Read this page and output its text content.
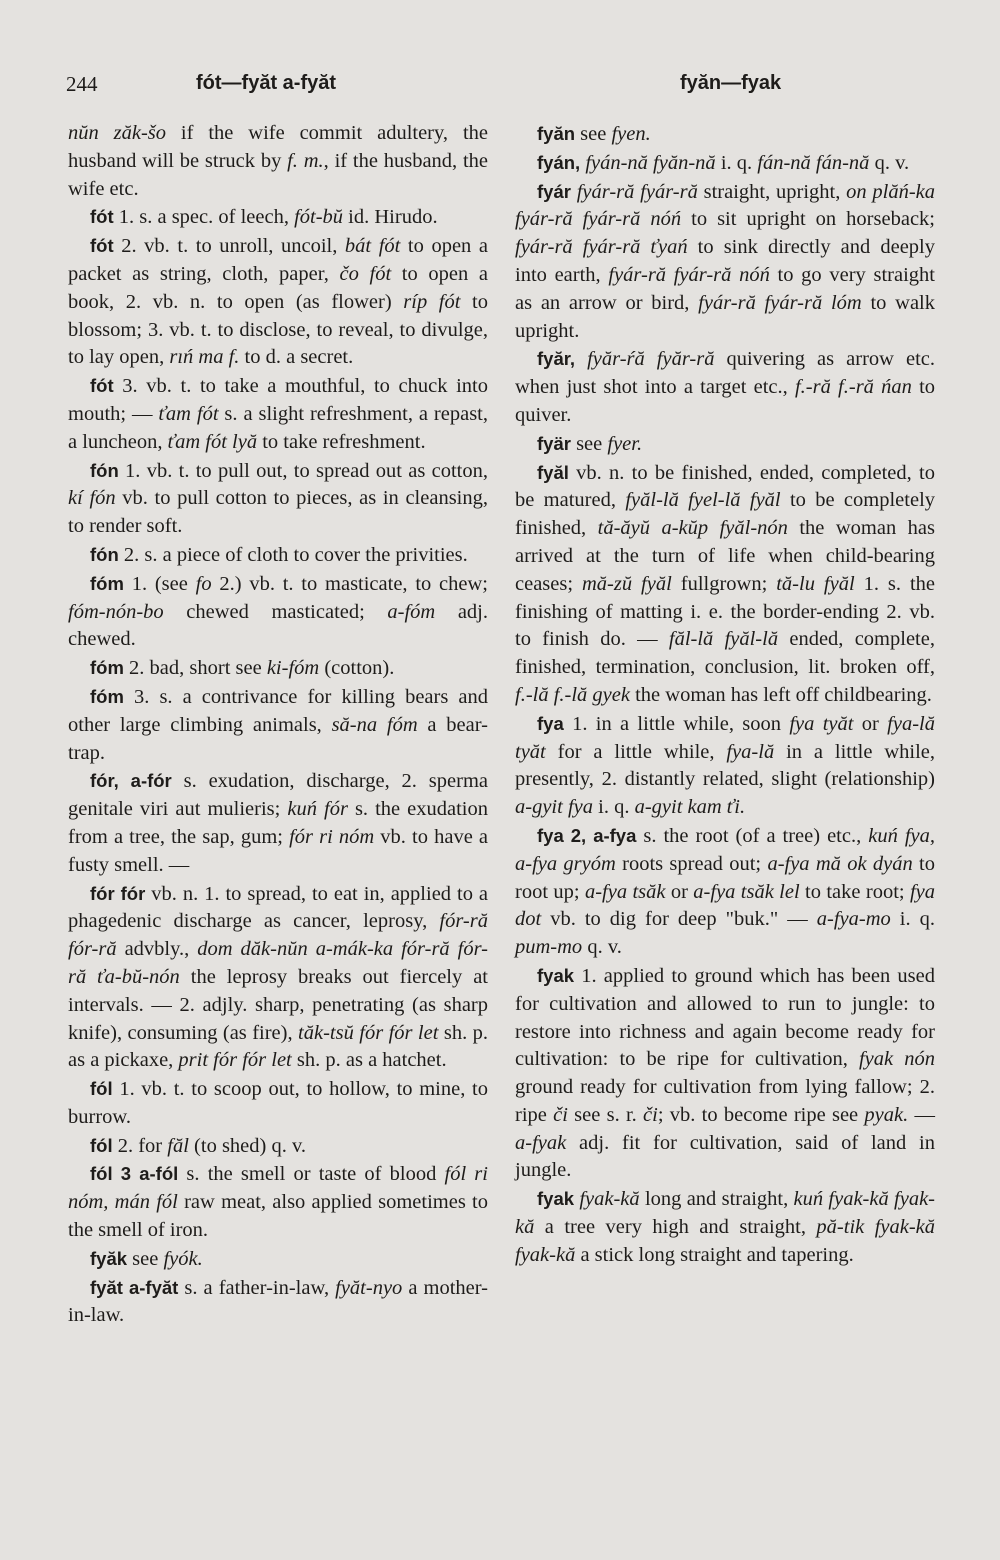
244	fót—fyăt a-fyăt	fyăn—fyak

nŭn zăk-šo if the wife commit adultery, the husband will be struck by f. m., if the husband, the wife etc.

fót 1. s. a spec. of leech, fót-bŭ id. Hirudo.

fót 2. vb. t. to unroll, uncoil, bát fót to open a packet as string, cloth, paper, čo fót to open a book, 2. vb. n. to open (as flower) ríp fót to blossom; 3. vb. t. to disclose, to reveal, to divulge, to lay open, rıń ma f. to d. a secret.

fót 3. vb. t. to take a mouthful, to chuck into mouth; — ťam fót s. a slight refreshment, a repast, a luncheon, ťam fót lyă to take refreshment.

fón 1. vb. t. to pull out, to spread out as cotton, kí fón vb. to pull cotton to pieces, as in cleansing, to render soft.

fón 2. s. a piece of cloth to cover the privities.

fóm 1. (see fo 2.) vb. t. to masticate, to chew; fóm-nón-bo chewed masticated; a-fóm adj. chewed.

fóm 2. bad, short see ki-fóm (cotton).

fóm 3. s. a contrivance for killing bears and other large climbing animals, să-na fóm a bear-trap.

fór, a-fór s. exudation, discharge, 2. sperma genitale viri aut mulieris; kuń fór s. the exudation from a tree, the sap, gum; fór ri nóm vb. to have a fusty smell. —

fór fór vb. n. 1. to spread, to eat in, applied to a phagedenic discharge as cancer, leprosy, fór-ră fór-ră advbly., dom dăk-nŭn a-mák-ka fór-ră fór-ră ťa-bŭ-nón the leprosy breaks out fiercely at intervals. — 2. adjly. sharp, penetrating (as sharp knife), consuming (as fire), tăk-tsŭ fór fór let sh. p. as a pickaxe, prit fór fór let sh. p. as a hatchet.

fól 1. vb. t. to scoop out, to hollow, to mine, to burrow.

fól 2. for făl (to shed) q. v.

fól 3 a-fól s. the smell or taste of blood fól ri nóm, mán fól raw meat, also applied sometimes to the smell of iron.

fyăk see fyók.

fyăt a-fyăt s. a father-in-law, fyăt-nyo a mother-in-law.

fyăn see fyen.

fyán, fyán-nă fyăn-nă i. q. fán-nă fán-nă q. v.

fyár fyár-ră fyár-ră straight, upright, on plăń-ka fyár-ră fyár-ră nóń to sit upright on horseback; fyár-ră fyár-ră ťyań to sink directly and deeply into earth, fyár-ră fyár-ră nóń to go very straight as an arrow or bird, fyár-ră fyár-ră lóm to walk upright.

fyăr, fyăr-ŕă fyăr-ră quivering as arrow etc. when just shot into a target etc., f.-ră f.-ră ńan to quiver.

fyär see fyer.

fyăl vb. n. to be finished, ended, completed, to be matured, fyăl-lă fyel-lă fyăl to be completely finished, tă-ăyŭ a-kŭp fyăl-nón the woman has arrived at the turn of life when child-bearing ceases; mă-zŭ fyăl fullgrown; tă-lu fyăl 1. s. the finishing of matting i. e. the border-ending 2. vb. to finish do. — făl-lă fyăl-lă ended, complete, finished, termination, conclusion, lit. broken off, f.-lă f.-lă gyek the woman has left off childbearing.

fya 1. in a little while, soon fya tyăt or fya-lă tyăt for a little while, fya-lă in a little while, presently, 2. distantly related, slight (relationship) a-gyit fya i. q. a-gyit kam ťi.

fya 2, a-fya s. the root (of a tree) etc., kuń fya, a-fya gryóm roots spread out; a-fya mă ok dyán to root up; a-fya tsăk or a-fya tsăk lel to take root; fya dot vb. to dig for deep "buk." — a-fya-mo i. q. pum-mo q. v.

fyak 1. applied to ground which has been used for cultivation and allowed to run to jungle: to restore into richness and again become ready for cultivation: to be ripe for cultivation, fyak nón ground ready for cultivation from lying fallow; 2. ripe či see s. r. či; vb. to become ripe see pyak. — a-fyak adj. fit for cultivation, said of land in jungle.

fyak fyak-kă long and straight, kuń fyak-kă fyak-kă a tree very high and straight, pă-tik fyak-kă fyak-kă a stick long straight and tapering.
